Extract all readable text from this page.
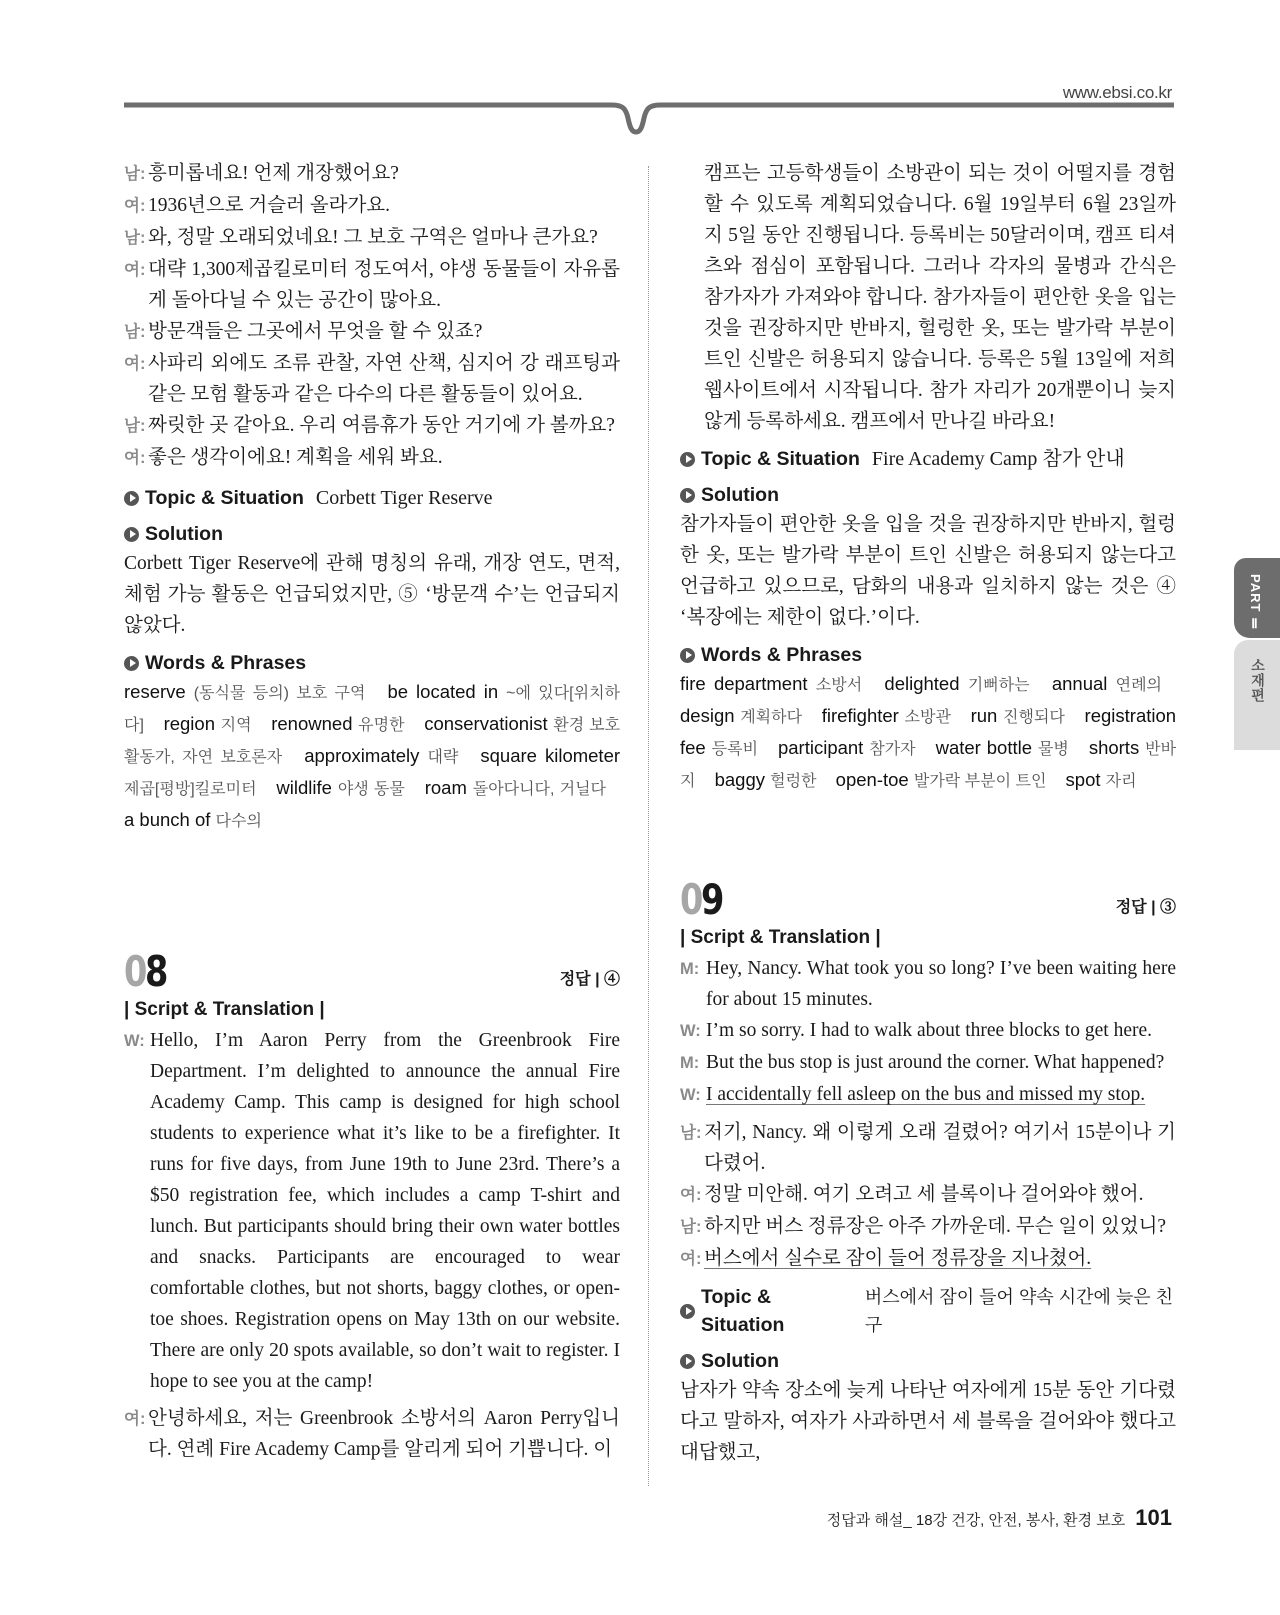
www.ebsi.co.kr
남: 흥미롭네요! 언제 개장했어요?
여: 1936년으로 거슬러 올라가요.
남: 와, 정말 오래되었네요! 그 보호 구역은 얼마나 큰가요?
여: 대략 1,300제곱킬로미터 정도여서, 야생 동물들이 자유롭게 돌아다닐 수 있는 공간이 많아요.
남: 방문객들은 그곳에서 무엇을 할 수 있죠?
여: 사파리 외에도 조류 관찰, 자연 산책, 심지어 강 래프팅과 같은 모험 활동과 같은 다수의 다른 활동들이 있어요.
남: 짜릿한 곳 같아요. 우리 여름휴가 동안 거기에 가 볼까요?
여: 좋은 생각이에요! 계획을 세워 봐요.
Topic & Situation Corbett Tiger Reserve
Solution
Corbett Tiger Reserve에 관해 명칭의 유래, 개장 연도, 면적, 체험 가능 활동은 언급되었지만, ⑤ ‘방문객 수’는 언급되지 않았다.
Words & Phrases
reserve (동식물 등의) 보호 구역 be located in ~에 있다[위치하다] region 지역 renowned 유명한 conservationist 환경 보호 활동가, 자연 보호론자 approximately 대략 square kilometer 제곱[평방]킬로미터 wildlife 야생 동물 roam 돌아다니다, 거닐다 a bunch of 다수의
08	정답 | ④
| Script & Translation |
W: Hello, I’m Aaron Perry from the Greenbrook Fire Department. I’m delighted to announce the annual Fire Academy Camp. This camp is designed for high school students to experience what it’s like to be a firefighter. It runs for five days, from June 19th to June 23rd. There’s a $50 registration fee, which includes a camp T-shirt and lunch. But participants should bring their own water bottles and snacks. Participants are encouraged to wear comfortable clothes, but not shorts, baggy clothes, or open-toe shoes. Registration opens on May 13th on our website. There are only 20 spots available, so don’t wait to register. I hope to see you at the camp!
여: 안녕하세요, 저는 Greenbrook 소방서의 Aaron Perry입니다. 연례 Fire Academy Camp를 알리게 되어 기쁩니다. 이
캠프는 고등학생들이 소방관이 되는 것이 어떨지를 경험할 수 있도록 계획되었습니다. 6월 19일부터 6월 23일까지 5일 동안 진행됩니다. 등록비는 50달러이며, 캠프 티셔츠와 점심이 포함됩니다. 그러나 각자의 물병과 간식은 참가자가 가져와야 합니다. 참가자들이 편안한 옷을 입는 것을 권장하지만 반바지, 헐렁한 옷, 또는 발가락 부분이 트인 신발은 허용되지 않습니다. 등록은 5월 13일에 저희 웹사이트에서 시작됩니다. 참가 자리가 20개뿐이니 늦지 않게 등록하세요. 캠프에서 만나길 바라요!
Topic & Situation Fire Academy Camp 참가 안내
Solution
참가자들이 편안한 옷을 입을 것을 권장하지만 반바지, 헐렁한 옷, 또는 발가락 부분이 트인 신발은 허용되지 않는다고 언급하고 있으므로, 담화의 내용과 일치하지 않는 것은 ④ ‘복장에는 제한이 없다.’이다.
Words & Phrases
fire department 소방서 delighted 기뻐하는 annual 연례의 design 계획하다 firefighter 소방관 run 진행되다 registration fee 등록비 participant 참가자 water bottle 물병 shorts 반바지 baggy 헐렁한 open-toe 발가락 부분이 트인 spot 자리
09	정답 | ③
| Script & Translation |
M: Hey, Nancy. What took you so long? I’ve been waiting here for about 15 minutes.
W: I’m so sorry. I had to walk about three blocks to get here.
M: But the bus stop is just around the corner. What happened?
W: I accidentally fell asleep on the bus and missed my stop.
남: 저기, Nancy. 왜 이렇게 오래 걸렸어? 여기서 15분이나 기다렸어.
여: 정말 미안해. 여기 오려고 세 블록이나 걸어와야 했어.
남: 하지만 버스 정류장은 아주 가까운데. 무슨 일이 있었니?
여: 버스에서 실수로 잠이 들어 정류장을 지나쳤어.
Topic & Situation
버스에서 잠이 들어 약속 시간에 늦은 친구
Solution
남자가 약속 장소에 늦게 나타난 여자에게 15분 동안 기다렸다고 말하자, 여자가 사과하면서 세 블록을 걸어와야 했다고 대답했고,
PART Ⅱ
소재편
정답과 해설_ 18강 건강, 안전, 봉사, 환경 보호 101
